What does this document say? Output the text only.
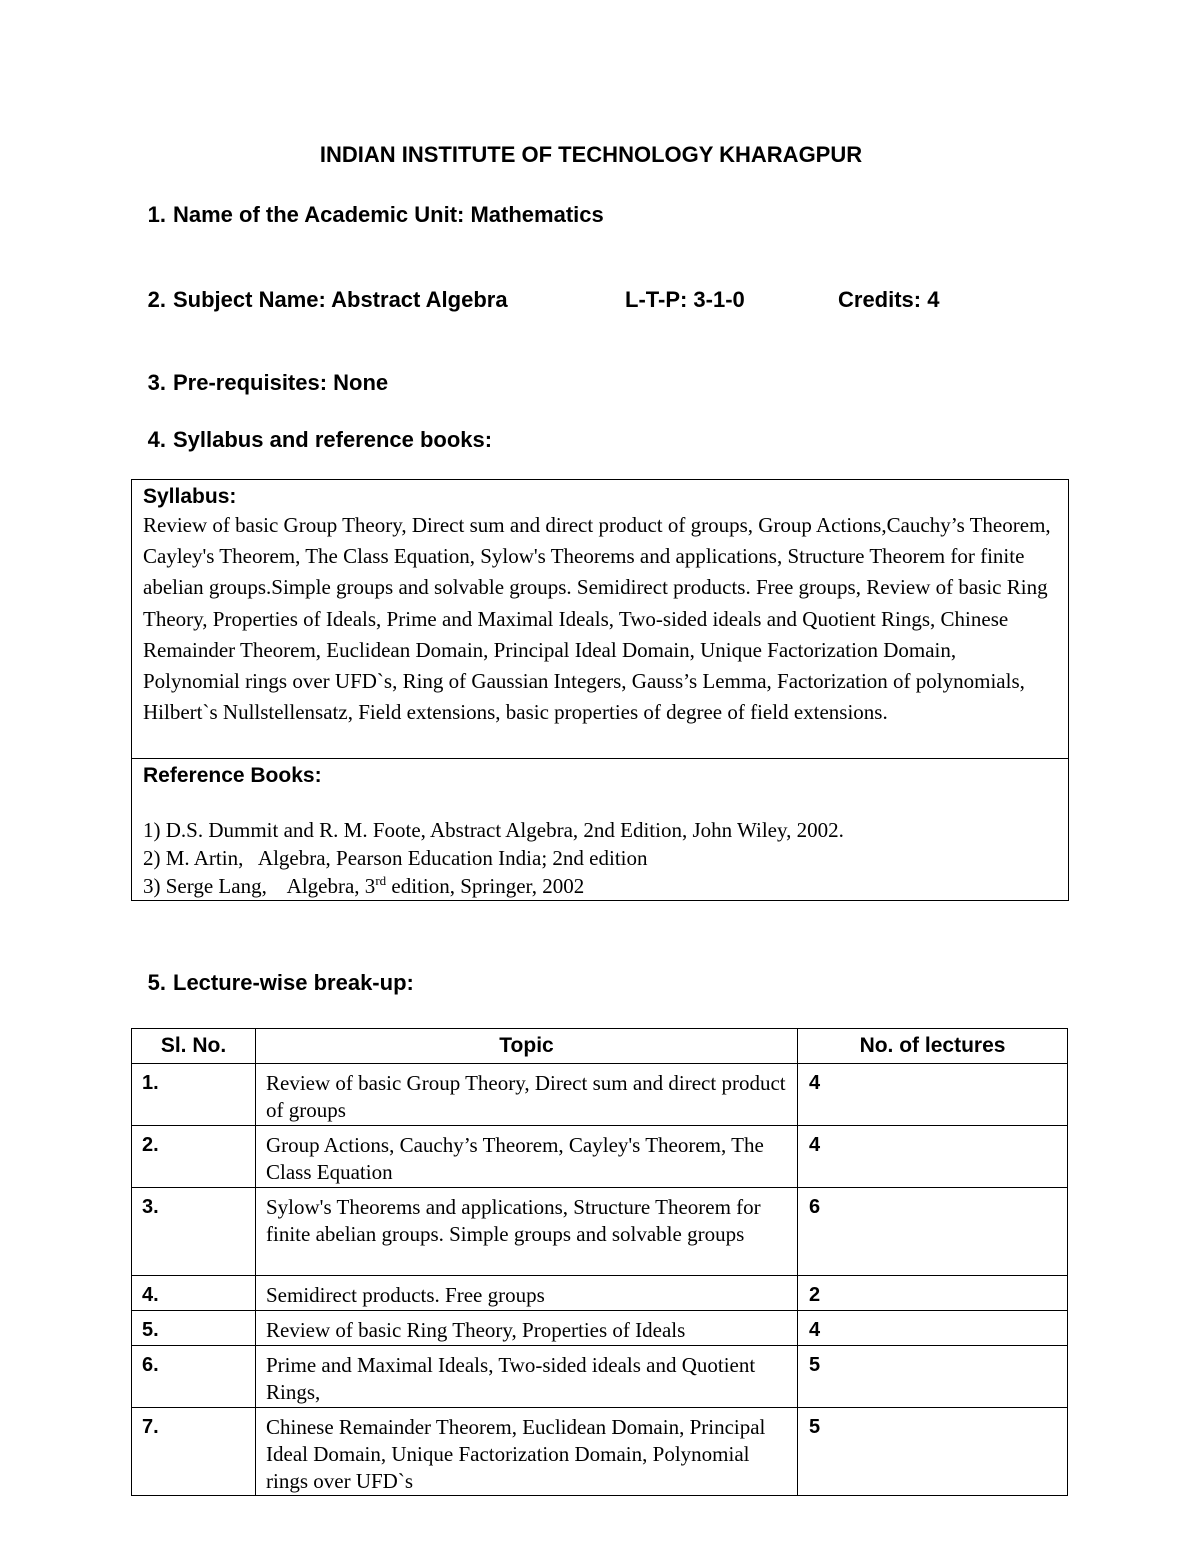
INDIAN INSTITUTE OF TECHNOLOGY KHARAGPUR
1. Name of the Academic Unit: Mathematics
2. Subject Name: Abstract Algebra	L-T-P: 3-1-0	Credits: 4
3. Pre-requisites: None
4. Syllabus and reference books:
Syllabus:
Review of basic Group Theory, Direct sum and direct product of groups, Group Actions,Cauchy’s Theorem, Cayley's Theorem, The Class Equation, Sylow's Theorems and applications, Structure Theorem for finite abelian groups.Simple groups and solvable groups. Semidirect products. Free groups, Review of basic Ring Theory, Properties of Ideals, Prime and Maximal Ideals, Two-sided ideals and Quotient Rings, Chinese Remainder Theorem, Euclidean Domain, Principal Ideal Domain, Unique Factorization Domain, Polynomial rings over UFD`s, Ring of Gaussian Integers, Gauss’s Lemma, Factorization of polynomials, Hilbert`s Nullstellensatz, Field extensions, basic properties of degree of field extensions.
Reference Books:
1) D.S. Dummit and R. M. Foote, Abstract Algebra, 2nd Edition, John Wiley, 2002.
2) M. Artin,   Algebra, Pearson Education India; 2nd edition
3) Serge Lang,    Algebra, 3rd edition, Springer, 2002
5. Lecture-wise break-up:
Sl. No.	Topic	No. of lectures
1.	Review of basic Group Theory, Direct sum and direct product of groups	4
2.	Group Actions, Cauchy’s Theorem, Cayley's Theorem, The Class Equation	4
3.	Sylow's Theorems and applications, Structure Theorem for finite abelian groups. Simple groups and solvable groups	6
4.	Semidirect products. Free groups	2
5.	Review of basic Ring Theory, Properties of Ideals	4
6.	Prime and Maximal Ideals, Two-sided ideals and Quotient Rings,	5
7.	Chinese Remainder Theorem, Euclidean Domain, Principal Ideal Domain, Unique Factorization Domain, Polynomial rings over UFD`s	5
